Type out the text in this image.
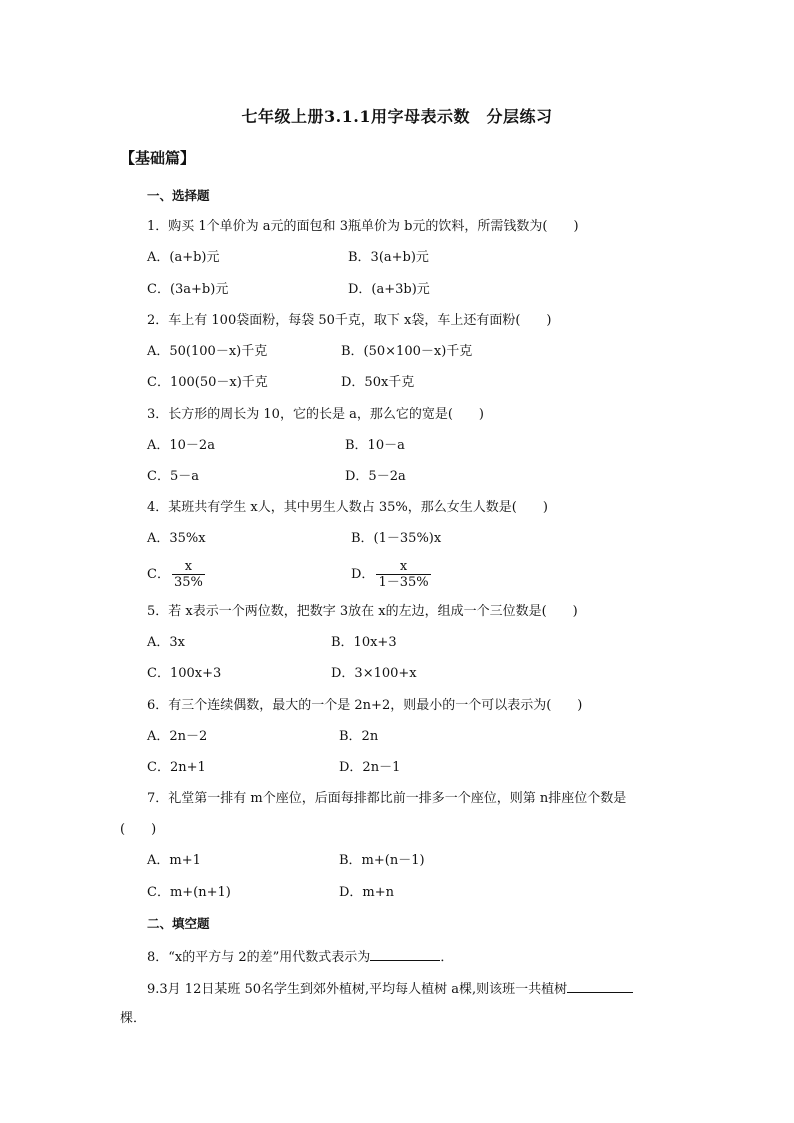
七年级上册3.1.1用字母表示数　分层练习
【基础篇】
一、选择题
1．购买 1个单价为 a元的面包和 3瓶单价为 b元的饮料，所需钱数为(　　)
A．(a+b)元	B．3(a+b)元
C．(3a+b)元	D．(a+3b)元
2．车上有 100袋面粉，每袋 50千克，取下 x袋，车上还有面粉(　　)
A．50(100－x)千克	B．(50×100－x)千克
C．100(50－x)千克	D．50x千克
3．长方形的周长为 10，它的长是 a，那么它的宽是(　　)
A．10－2a	B．10－a
C．5－a	D．5－2a
4．某班共有学生 x人，其中男生人数占 35%，那么女生人数是(　　)
A．35%x	B．(1－35%)x
C． $\frac{x}{35\%}$	D． $\frac{x}{1-35\%}$
5．若 x表示一个两位数，把数字 3放在 x的左边，组成一个三位数是(　　)
A．3x	B．10x+3
C．100x+3	D．3×100+x
6．有三个连续偶数，最大的一个是 2n+2，则最小的一个可以表示为(　　)
A．2n－2	B．2n
C．2n+1	D．2n－1
7．礼堂第一排有 m个座位，后面每排都比前一排多一个座位，则第 n排座位个数是
(　　)
A．m+1	B．m+(n－1)
C．m+(n+1)	D．m+n
二、填空题
8．“x的平方与 2的差”用代数式表示为	．
9.3月 12日某班 50名学生到郊外植树,平均每人植树 a棵,则该班一共植树
棵．
